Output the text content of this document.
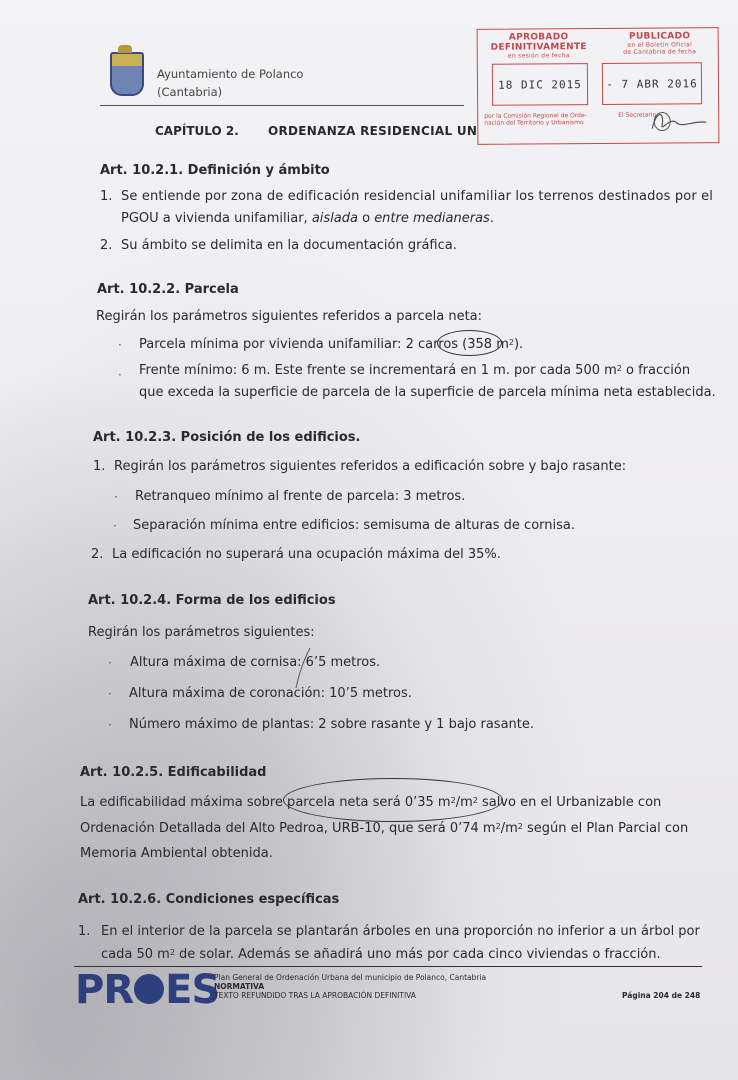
Ayuntamiento de Polanco
(Cantabria)
CAPÍTULO 2. ORDENANZA RESIDENCIAL UN
APROBADO
DEFINITIVAMENTE
en sesión de fecha
PUBLICADO
en el Boletín Oficial
de Cantabria de fecha
18 DIC 2015	- 7 ABR 2016
por la Comisión Regional de Orde-
nación del Territorio y Urbanismo
El Secretario,
Art. 10.2.1. Definición y ámbito
1. Se entiende por zona de edificación residencial unifamiliar los terrenos destinados por el
PGOU a vivienda unifamiliar, aislada o entre medianeras.
2. Su ámbito se delimita en la documentación gráfica.
Art. 10.2.2. Parcela
Regirán los parámetros siguientes referidos a parcela neta:
· Parcela mínima por vivienda unifamiliar: 2 carros (358 $m^2$).
· Frente mínimo: 6 m. Este frente se incrementará en 1 m. por cada 500 $m^2$ o fracción
que exceda la superficie de parcela de la superficie de parcela mínima neta establecida.
Art. 10.2.3. Posición de los edificios.
1. Regirán los parámetros siguientes referidos a edificación sobre y bajo rasante:
· Retranqueo mínimo al frente de parcela: 3 metros.
· Separación mínima entre edificios: semisuma de alturas de cornisa.
2. La edificación no superará una ocupación máxima del 35%.
Art. 10.2.4. Forma de los edificios
Regirán los parámetros siguientes:
· Altura máxima de cornisa: 6’5 metros.
· Altura máxima de coronación: 10’5 metros.
· Número máximo de plantas: 2 sobre rasante y 1 bajo rasante.
Art. 10.2.5. Edificabilidad
La edificabilidad máxima sobre parcela neta será 0’35 $m^2/m^2$ salvo en el Urbanizable con
Ordenación Detallada del Alto Pedroa, URB-10, que será 0’74 $m^2/m^2$ según el Plan Parcial con
Memoria Ambiental obtenida.
Art. 10.2.6. Condiciones específicas
1. En el interior de la parcela se plantarán árboles en una proporción no inferior a un árbol por
cada 50 $m^2$ de solar. Además se añadirá uno más por cada cinco viviendas o fracción.
PR ES
Plan General de Ordenación Urbana del municipio de Polanco, Cantabria
NORMATIVA
TEXTO REFUNDIDO TRAS LA APROBACIÓN DEFINITIVA	Página 204 de 248
